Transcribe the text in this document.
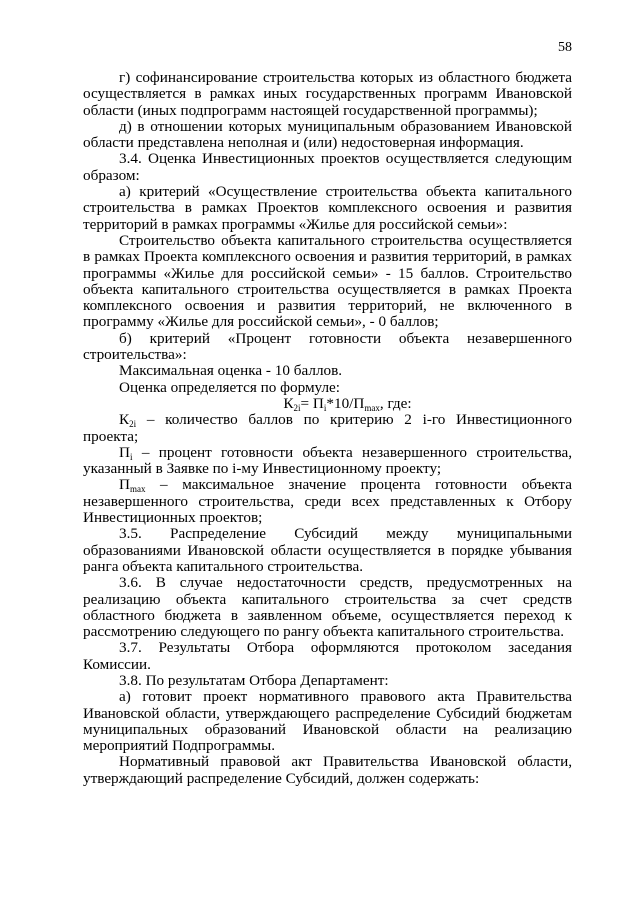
58

г) софинансирование строительства которых из областного бюджета осуществляется в рамках иных государственных программ Ивановской области (иных подпрограмм настоящей государственной программы);

д) в отношении которых муниципальным образованием Ивановской области представлена неполная и (или) недостоверная информация.

3.4. Оценка Инвестиционных проектов осуществляется следующим образом:

а) критерий «Осуществление строительства объекта капитального строительства в рамках Проектов комплексного освоения и развития территорий в рамках программы «Жилье для российской семьи»:

Строительство объекта капитального строительства осуществляется в рамках Проекта комплексного освоения и развития территорий, в рамках программы «Жилье для российской семьи» - 15 баллов. Строительство объекта капитального строительства осуществляется в рамках Проекта комплексного освоения и развития территорий, не включенного в программу «Жилье для российской семьи», - 0 баллов;

б) критерий «Процент готовности объекта незавершенного строительства»:

Максимальная оценка - 10 баллов.

Оценка определяется по формуле:

$К_{2i}= П_i*10/П_{max}$, где:

$К_{2i}$ – количество баллов по критерию 2 i-го Инвестиционного проекта;

$П_i$ – процент готовности объекта незавершенного строительства, указанный в Заявке по i-му Инвестиционному проекту;

$П_{max}$ – максимальное значение процента готовности объекта незавершенного строительства, среди всех представленных к Отбору Инвестиционных проектов;

3.5. Распределение Субсидий между муниципальными образованиями Ивановской области осуществляется в порядке убывания ранга объекта капитального строительства.

3.6. В случае недостаточности средств, предусмотренных на реализацию объекта капитального строительства за счет средств областного бюджета в заявленном объеме, осуществляется переход к рассмотрению следующего по рангу объекта капитального строительства.

3.7. Результаты Отбора оформляются протоколом заседания Комиссии.

3.8. По результатам Отбора Департамент:

а) готовит проект нормативного правового акта Правительства Ивановской области, утверждающего распределение Субсидий бюджетам муниципальных образований Ивановской области на реализацию мероприятий Подпрограммы.

Нормативный правовой акт Правительства Ивановской области, утверждающий распределение Субсидий, должен содержать:
